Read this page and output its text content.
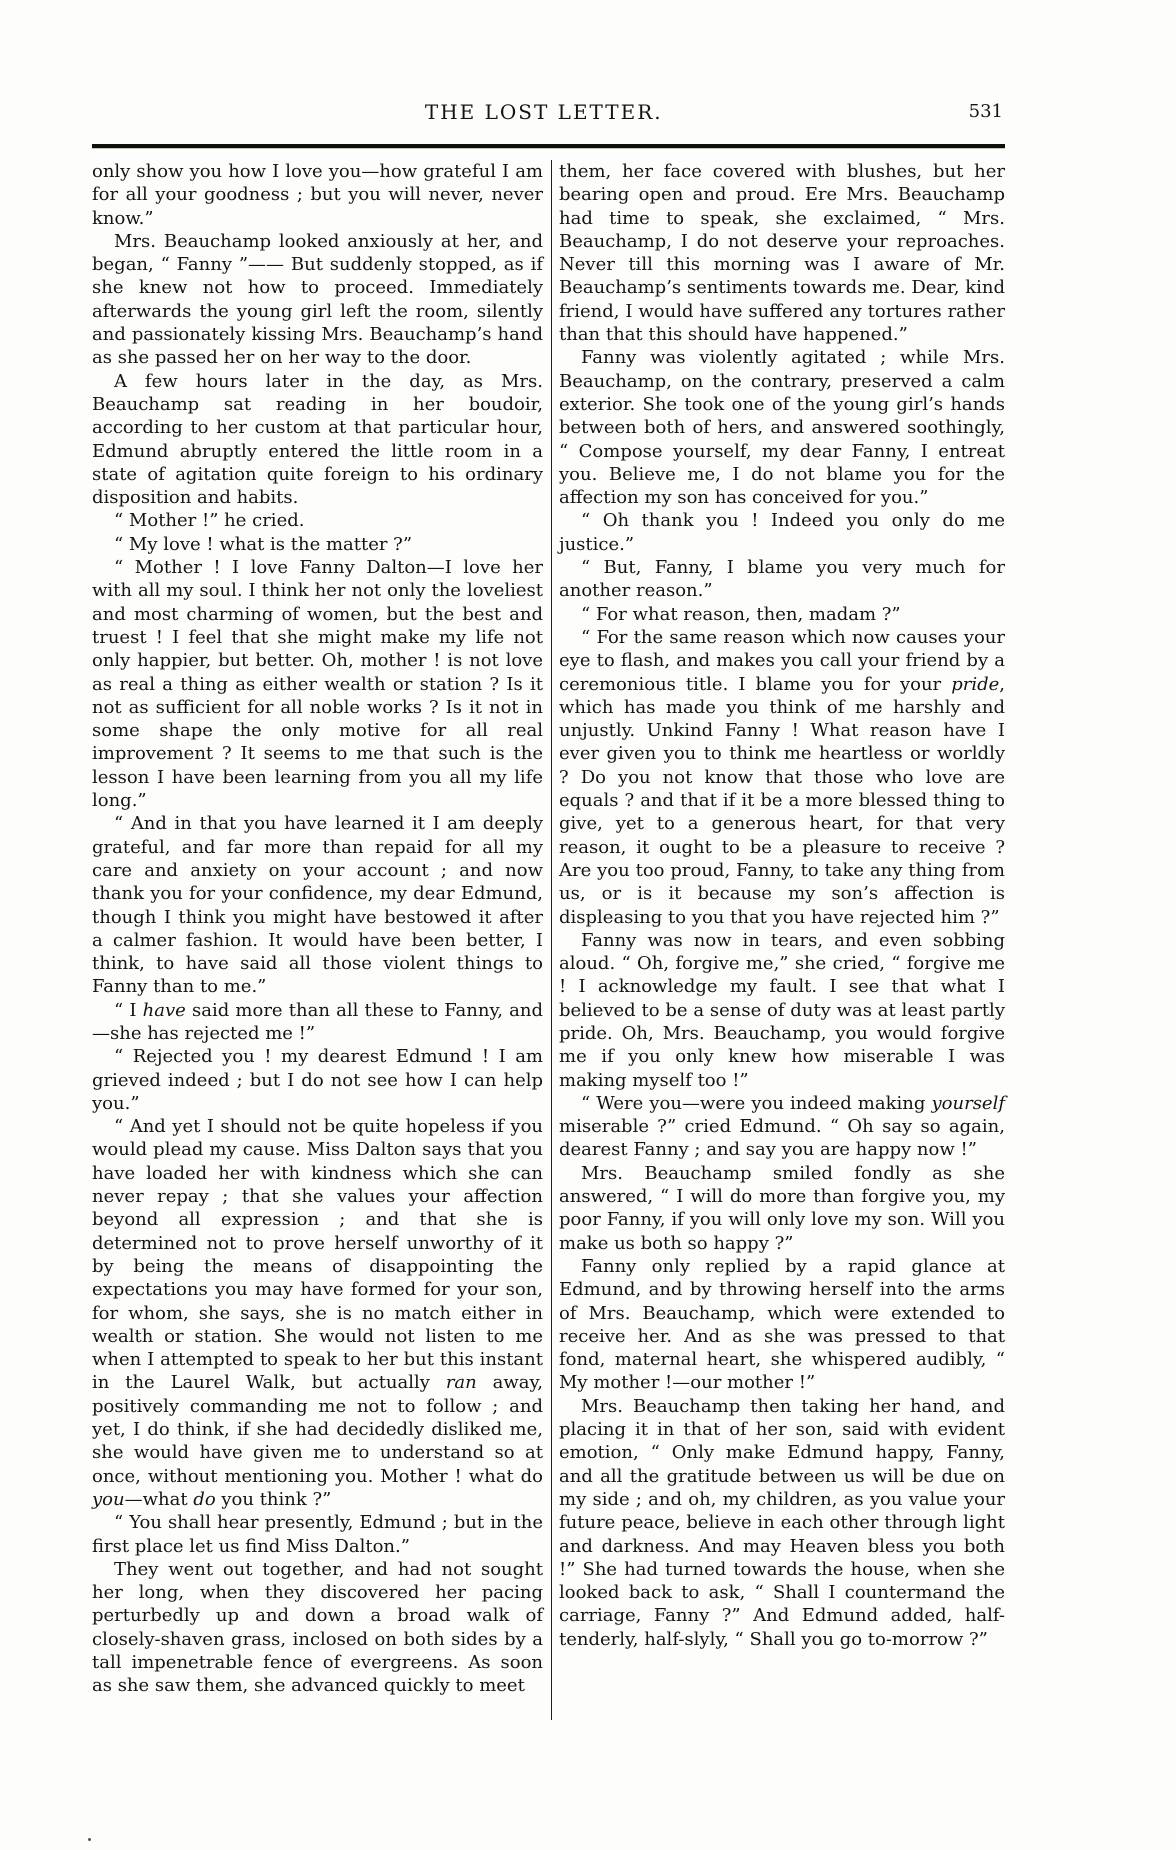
THE LOST LETTER.	531

only show you how I love you—how grateful I am for all your goodness ; but you will never, never know.”

Mrs. Beauchamp looked anxiously at her, and began, “ Fanny ”—— But suddenly stopped, as if she knew not how to proceed. Immediately afterwards the young girl left the room, silently and passionately kissing Mrs. Beauchamp’s hand as she passed her on her way to the door.

A few hours later in the day, as Mrs. Beauchamp sat reading in her boudoir, according to her custom at that particular hour, Edmund abruptly entered the little room in a state of agitation quite foreign to his ordinary disposition and habits.

“ Mother !” he cried.

“ My love ! what is the matter ?”

“ Mother ! I love Fanny Dalton—I love her with all my soul. I think her not only the loveliest and most charming of women, but the best and truest ! I feel that she might make my life not only happier, but better. Oh, mother ! is not love as real a thing as either wealth or station ? Is it not as sufficient for all noble works ? Is it not in some shape the only motive for all real improvement ? It seems to me that such is the lesson I have been learning from you all my life long.”

“ And in that you have learned it I am deeply grateful, and far more than repaid for all my care and anxiety on your account ; and now thank you for your confidence, my dear Edmund, though I think you might have bestowed it after a calmer fashion. It would have been better, I think, to have said all those violent things to Fanny than to me.”

“ I have said more than all these to Fanny, and—she has rejected me !”

“ Rejected you ! my dearest Edmund ! I am grieved indeed ; but I do not see how I can help you.”

“ And yet I should not be quite hopeless if you would plead my cause. Miss Dalton says that you have loaded her with kindness which she can never repay ; that she values your affection beyond all expression ; and that she is determined not to prove herself unworthy of it by being the means of disappointing the expectations you may have formed for your son, for whom, she says, she is no match either in wealth or station. She would not listen to me when I attempted to speak to her but this instant in the Laurel Walk, but actually ran away, positively commanding me not to follow ; and yet, I do think, if she had decidedly disliked me, she would have given me to understand so at once, without mentioning you. Mother ! what do you—what do you think ?”

“ You shall hear presently, Edmund ; but in the first place let us find Miss Dalton.”

They went out together, and had not sought her long, when they discovered her pacing perturbedly up and down a broad walk of closely-shaven grass, inclosed on both sides by a tall impenetrable fence of evergreens. As soon as she saw them, she advanced quickly to meet

them, her face covered with blushes, but her bearing open and proud. Ere Mrs. Beauchamp had time to speak, she exclaimed, “ Mrs. Beauchamp, I do not deserve your reproaches. Never till this morning was I aware of Mr. Beauchamp’s sentiments towards me. Dear, kind friend, I would have suffered any tortures rather than that this should have happened.”

Fanny was violently agitated ; while Mrs. Beauchamp, on the contrary, preserved a calm exterior. She took one of the young girl’s hands between both of hers, and answered soothingly, “ Compose yourself, my dear Fanny, I entreat you. Believe me, I do not blame you for the affection my son has conceived for you.”

“ Oh thank you ! Indeed you only do me justice.”

“ But, Fanny, I blame you very much for another reason.”

“ For what reason, then, madam ?”

“ For the same reason which now causes your eye to flash, and makes you call your friend by a ceremonious title. I blame you for your pride, which has made you think of me harshly and unjustly. Unkind Fanny ! What reason have I ever given you to think me heartless or worldly ? Do you not know that those who love are equals ? and that if it be a more blessed thing to give, yet to a generous heart, for that very reason, it ought to be a pleasure to receive ? Are you too proud, Fanny, to take any thing from us, or is it because my son’s affection is displeasing to you that you have rejected him ?”

Fanny was now in tears, and even sobbing aloud. “ Oh, forgive me,” she cried, “ forgive me ! I acknowledge my fault. I see that what I believed to be a sense of duty was at least partly pride. Oh, Mrs. Beauchamp, you would forgive me if you only knew how miserable I was making myself too !”

“ Were you—were you indeed making yourself miserable ?” cried Edmund. “ Oh say so again, dearest Fanny ; and say you are happy now !”

Mrs. Beauchamp smiled fondly as she answered, “ I will do more than forgive you, my poor Fanny, if you will only love my son. Will you make us both so happy ?”

Fanny only replied by a rapid glance at Edmund, and by throwing herself into the arms of Mrs. Beauchamp, which were extended to receive her. And as she was pressed to that fond, maternal heart, she whispered audibly, “ My mother !—our mother !”

Mrs. Beauchamp then taking her hand, and placing it in that of her son, said with evident emotion, “ Only make Edmund happy, Fanny, and all the gratitude between us will be due on my side ; and oh, my children, as you value your future peace, believe in each other through light and darkness. And may Heaven bless you both !” She had turned towards the house, when she looked back to ask, “ Shall I countermand the carriage, Fanny ?” And Edmund added, half-tenderly, half-slyly, “ Shall you go to-morrow ?”
